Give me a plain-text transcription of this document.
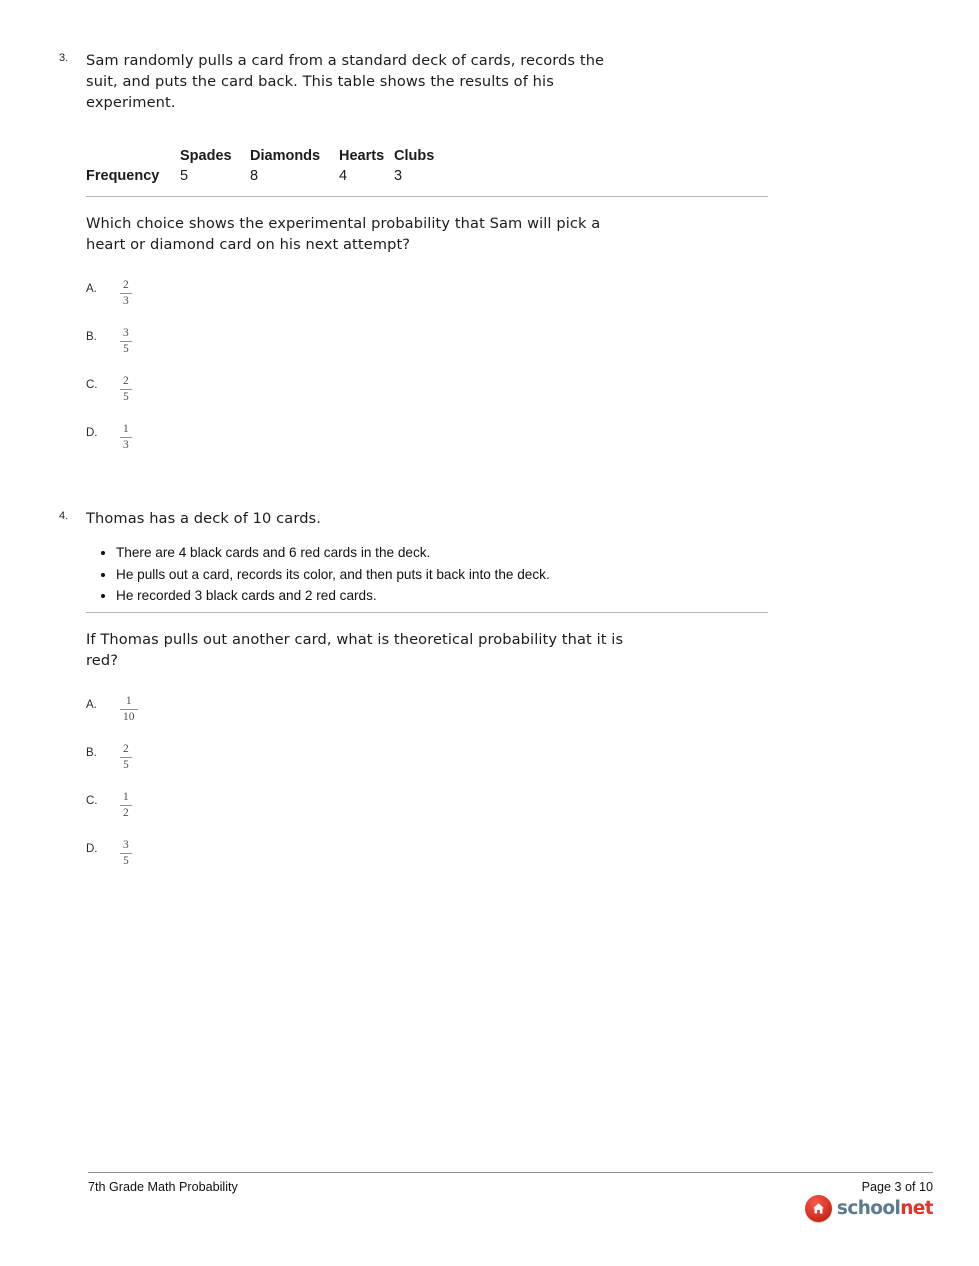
3.	Sam randomly pulls a card from a standard deck of cards, records the
suit, and puts the card back. This table shows the results of his
experiment.
	Spades	Diamonds	Hearts	Clubs
Frequency	5	8	4	3
Which choice shows the experimental probability that Sam will pick a
heart or diamond card on his next attempt?
A.	$\frac{2}{3}$
B.	$\frac{3}{5}$
C.	$\frac{2}{5}$
D.	$\frac{1}{3}$
4.	Thomas has a deck of 10 cards.
• There are 4 black cards and 6 red cards in the deck.
• He pulls out a card, records its color, and then puts it back into the deck.
• He recorded 3 black cards and 2 red cards.
If Thomas pulls out another card, what is theoretical probability that it is
red?
A.	$\frac{1}{10}$
B.	$\frac{2}{5}$
C.	$\frac{1}{2}$
D.	$\frac{3}{5}$
7th Grade Math Probability	Page 3 of 10
schoolnet
